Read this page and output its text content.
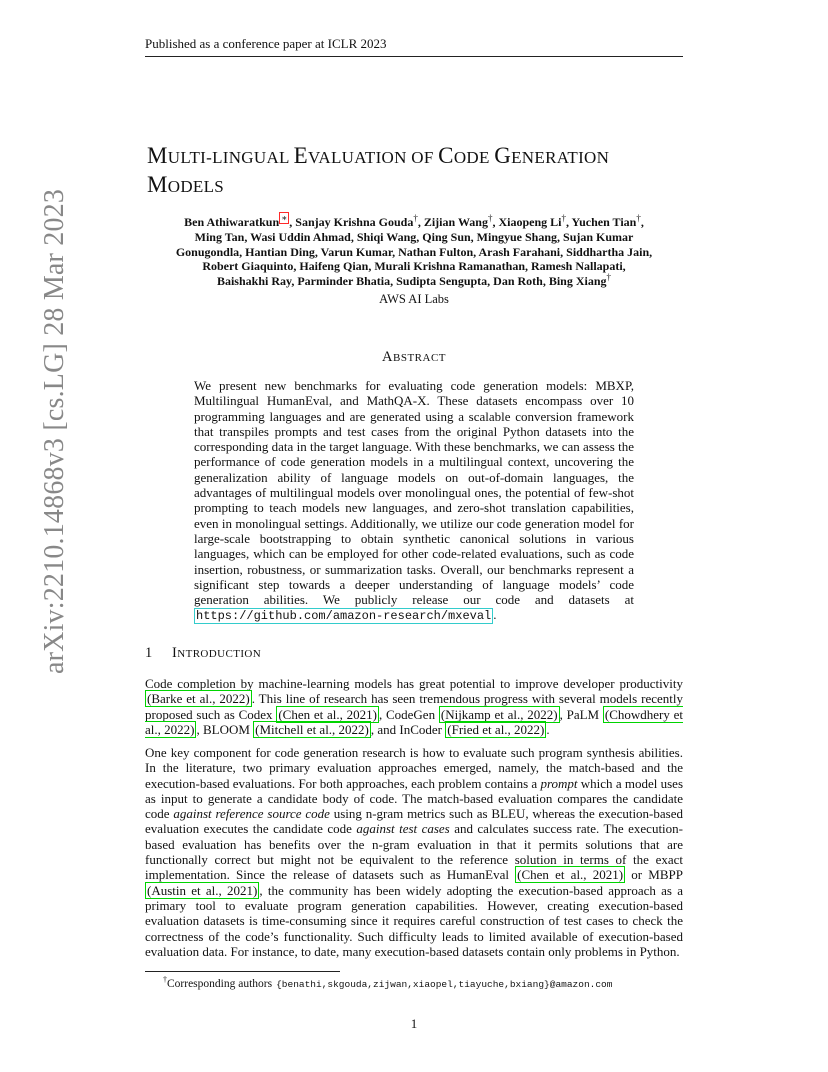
Published as a conference paper at ICLR 2023
arXiv:2210.14868v3 [cs.LG] 28 Mar 2023
MULTI-LINGUAL EVALUATION OF CODE GENERATION
MODELS
Ben Athiwaratkun ∗ , Sanjay Krishna Gouda†, Zijian Wang†, Xiaopeng Li†, Yuchen Tian†,
Ming Tan, Wasi Uddin Ahmad, Shiqi Wang, Qing Sun, Mingyue Shang, Sujan Kumar
Gonugondla, Hantian Ding, Varun Kumar, Nathan Fulton, Arash Farahani, Siddhartha Jain,
Robert Giaquinto, Haifeng Qian, Murali Krishna Ramanathan, Ramesh Nallapati,
Baishakhi Ray, Parminder Bhatia, Sudipta Sengupta, Dan Roth, Bing Xiang†
AWS AI Labs
ABSTRACT
We present new benchmarks for evaluating code generation models: MBXP, Multilingual HumanEval, and MathQA-X. These datasets encompass over 10 programming languages and are generated using a scalable conversion framework that transpiles prompts and test cases from the original Python datasets into the corresponding data in the target language. With these benchmarks, we can assess the performance of code generation models in a multilingual context, uncovering the generalization ability of language models on out-of-domain languages, the advantages of multilingual models over monolingual ones, the potential of few-shot prompting to teach models new languages, and zero-shot translation capabilities, even in monolingual settings. Additionally, we utilize our code generation model for large-scale bootstrapping to obtain synthetic canonical solutions in various languages, which can be employed for other code-related evaluations, such as code insertion, robustness, or summarization tasks. Overall, our benchmarks represent a significant step towards a deeper understanding of language models’ code generation abilities. We publicly release our code and datasets at https://github.com/amazon-research/mxeval .
1 INTRODUCTION
Code completion by machine-learning models has great potential to improve developer productivity (Barke et al., 2022) . This line of research has seen tremendous progress with several models recently proposed such as Codex (Chen et al., 2021) , CodeGen (Nijkamp et al., 2022) , PaLM (Chowdhery et al., 2022) , BLOOM (Mitchell et al., 2022) , and InCoder (Fried et al., 2022) .
One key component for code generation research is how to evaluate such program synthesis abilities. In the literature, two primary evaluation approaches emerged, namely, the match-based and the execution-based evaluations. For both approaches, each problem contains a prompt which a model uses as input to generate a candidate body of code. The match-based evaluation compares the candidate code against reference source code using n-gram metrics such as BLEU, whereas the execution-based evaluation executes the candidate code against test cases and calculates success rate. The execution-based evaluation has benefits over the n-gram evaluation in that it permits solutions that are functionally correct but might not be equivalent to the reference solution in terms of the exact implementation. Since the release of datasets such as HumanEval (Chen et al., 2021) or MBPP (Austin et al., 2021) , the community has been widely adopting the execution-based approach as a primary tool to evaluate program generation capabilities. However, creating execution-based evaluation datasets is time-consuming since it requires careful construction of test cases to check the correctness of the code’s functionality. Such difficulty leads to limited available of execution-based evaluation data. For instance, to date, many execution-based datasets contain only problems in Python.
†Corresponding authors {benathi,skgouda,zijwan,xiaopel,tiayuche,bxiang}@amazon.com
1
